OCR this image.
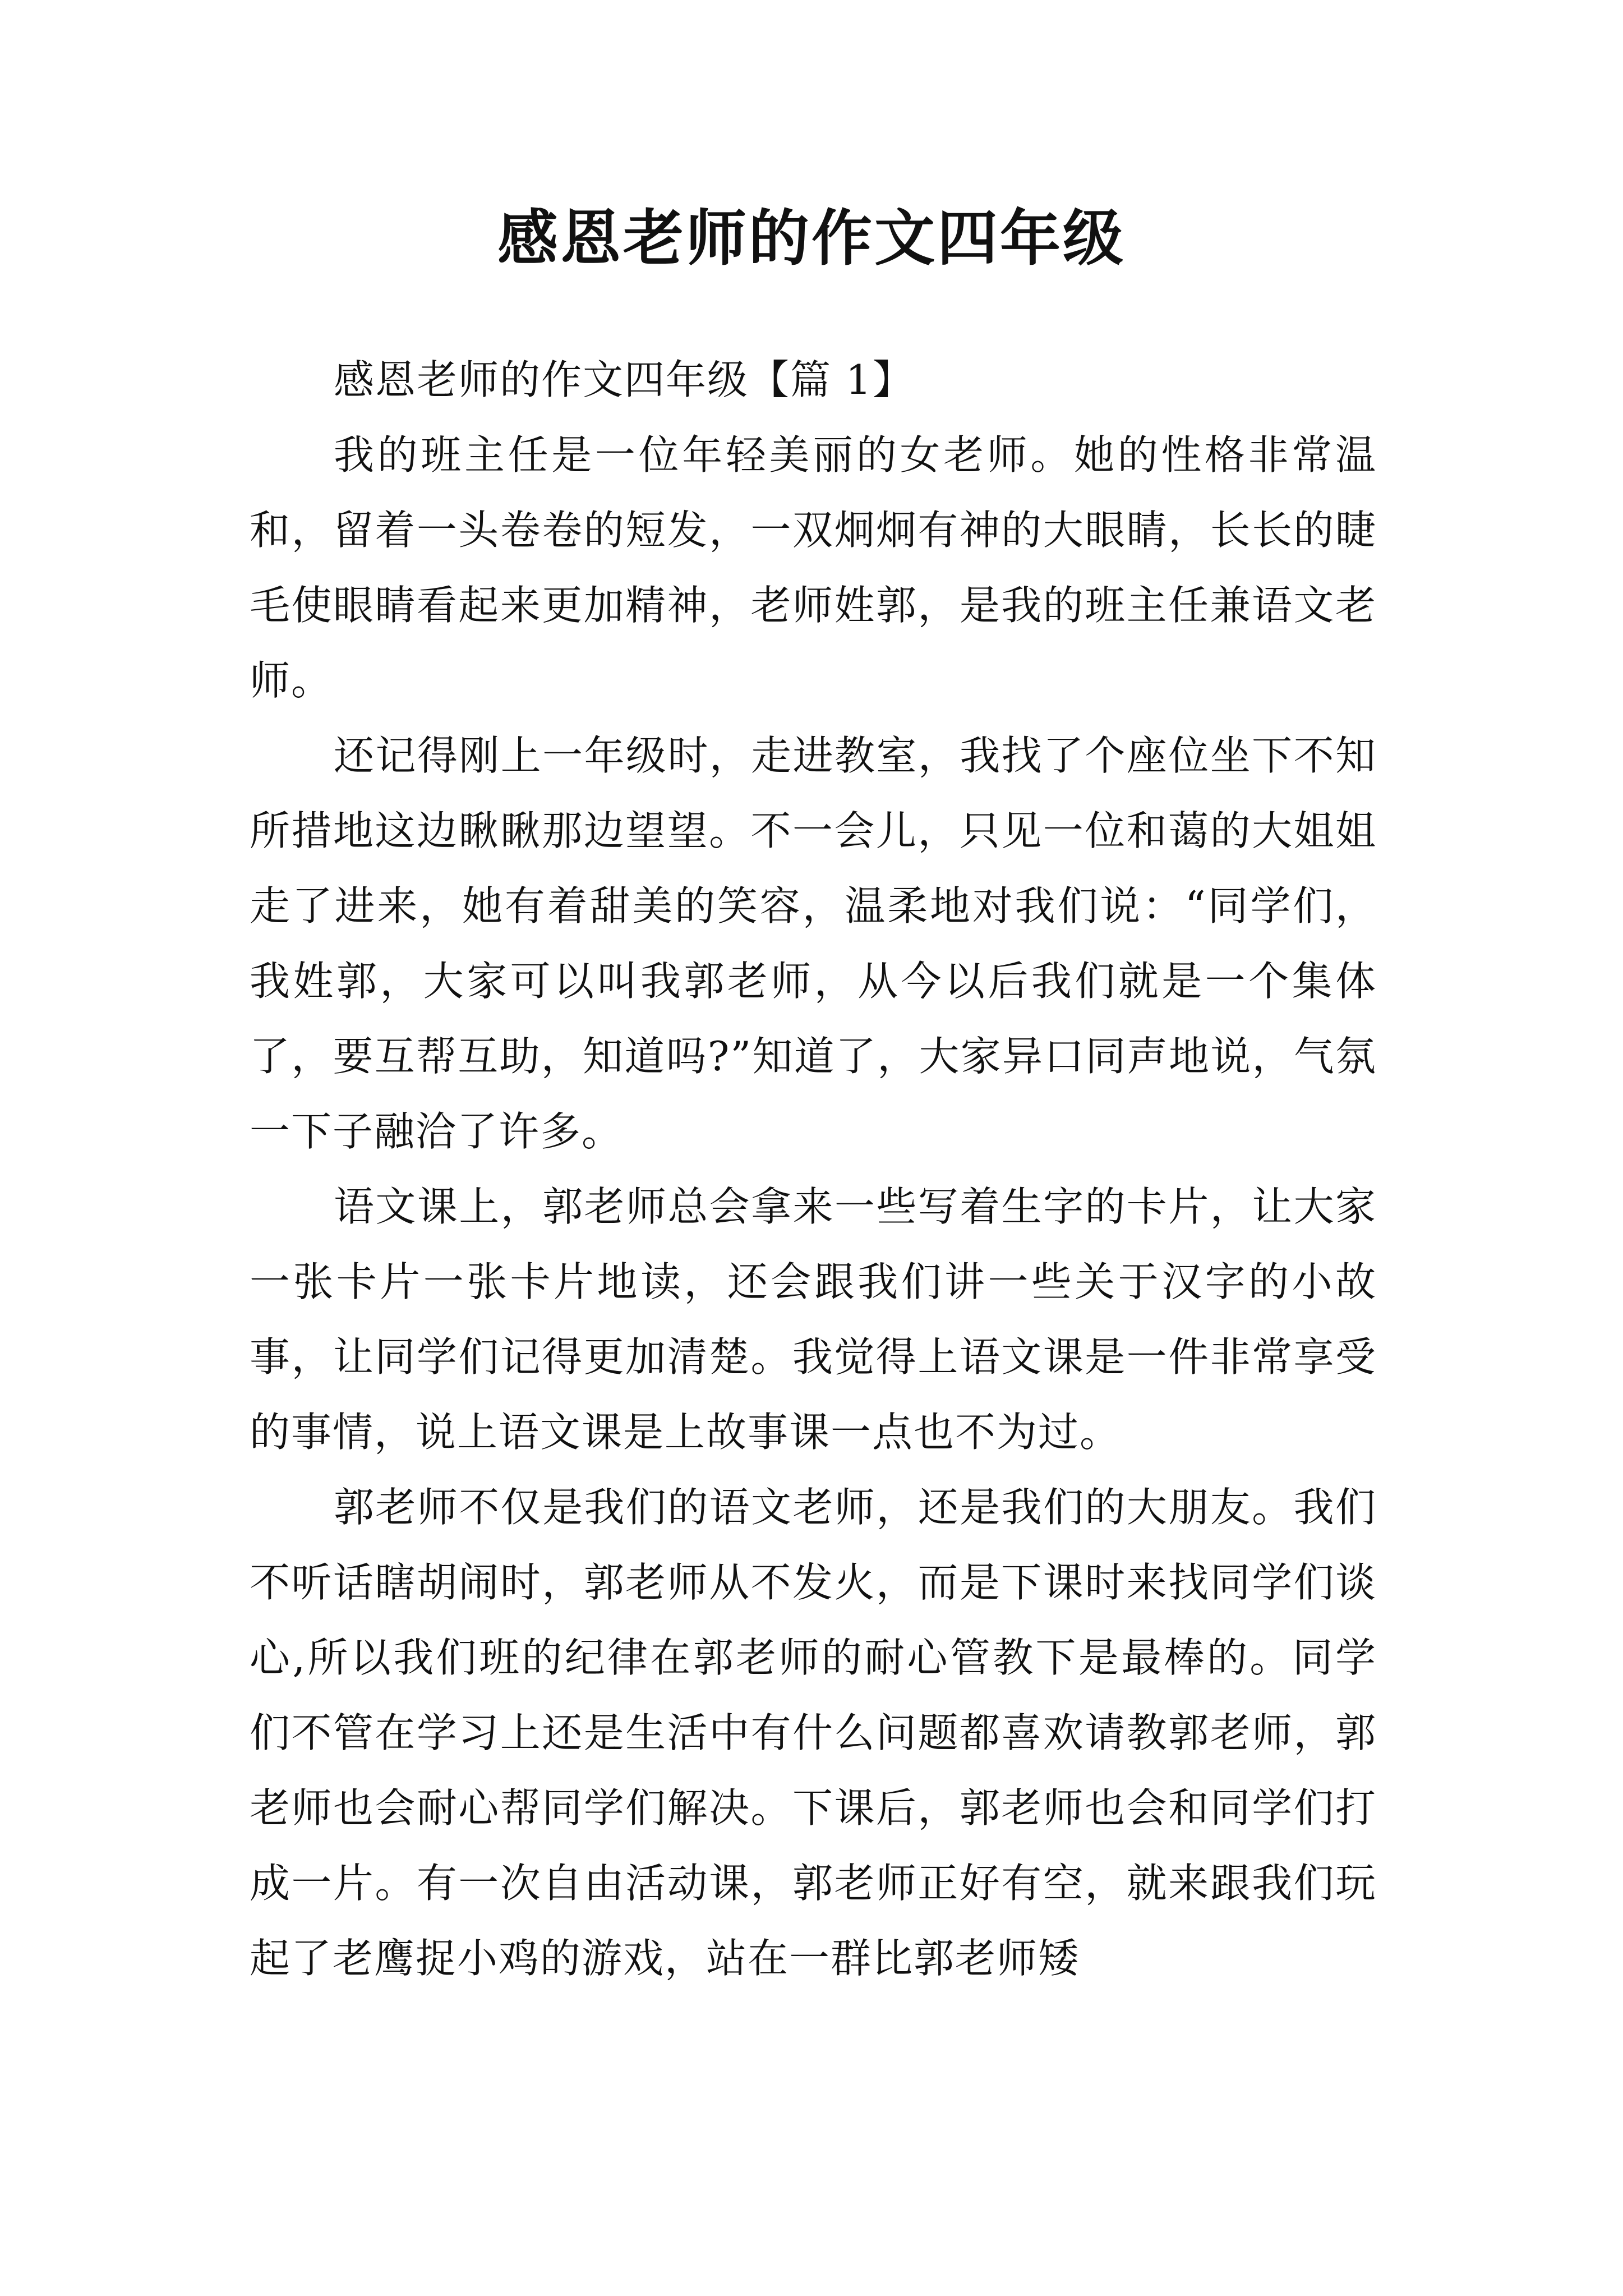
感恩老师的作文四年级

感恩老师的作文四年级【篇 1】

我的班主任是一位年轻美丽的女老师。她的性格非常温和，留着一头卷卷的短发，一双炯炯有神的大眼睛，长长的睫毛使眼睛看起来更加精神，老师姓郭，是我的班主任兼语文老师。

还记得刚上一年级时，走进教室，我找了个座位坐下不知所措地这边瞅瞅那边望望。不一会儿，只见一位和蔼的大姐姐走了进来，她有着甜美的笑容，温柔地对我们说：“同学们，我姓郭，大家可以叫我郭老师，从今以后我们就是一个集体了，要互帮互助，知道吗?”知道了，大家异口同声地说，气氛一下子融洽了许多。

语文课上，郭老师总会拿来一些写着生字的卡片，让大家一张卡片一张卡片地读，还会跟我们讲一些关于汉字的小故事，让同学们记得更加清楚。我觉得上语文课是一件非常享受的事情，说上语文课是上故事课一点也不为过。

郭老师不仅是我们的语文老师，还是我们的大朋友。我们不听话瞎胡闹时，郭老师从不发火，而是下课时来找同学们谈心,所以我们班的纪律在郭老师的耐心管教下是最棒的。同学们不管在学习上还是生活中有什么问题都喜欢请教郭老师，郭老师也会耐心帮同学们解决。下课后，郭老师也会和同学们打成一片。有一次自由活动课，郭老师正好有空，就来跟我们玩起了老鹰捉小鸡的游戏，站在一群比郭老师矮
